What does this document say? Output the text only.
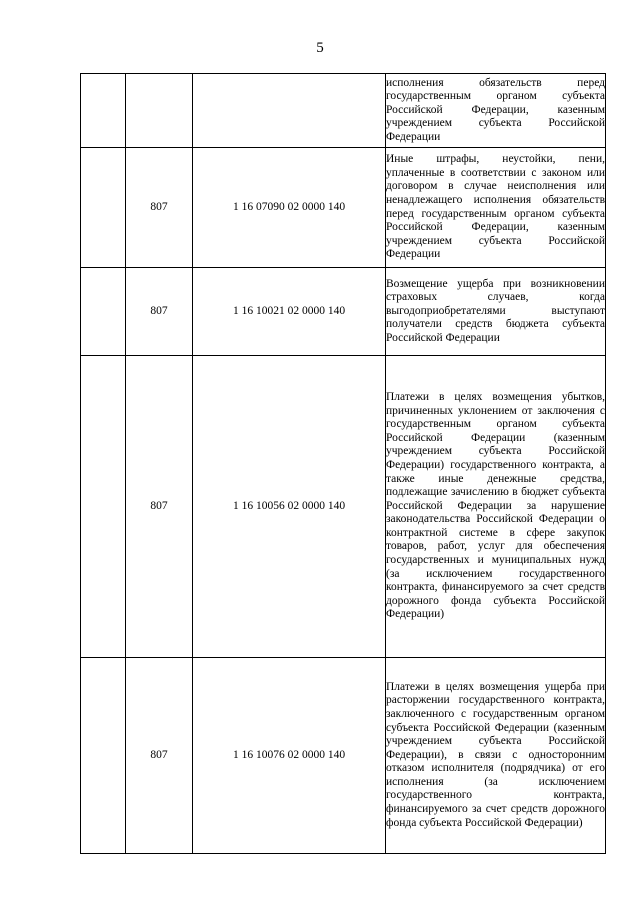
5

			исполнения обязательств перед государственным органом субъекта Российской Федерации, казенным учреждением субъекта Российской Федерации

	807	1 16 07090 02 0000 140	Иные штрафы, неустойки, пени, уплаченные в соответствии с законом или договором в случае неисполнения или ненадлежащего исполнения обязательств перед государственным органом субъекта Российской Федерации, казенным учреждением субъекта Российской Федерации

	807	1 16 10021 02 0000 140	Возмещение ущерба при возникновении страховых случаев, когда выгодоприобретателями выступают получатели средств бюджета субъекта Российской Федерации

	807	1 16 10056 02 0000 140	Платежи в целях возмещения убытков, причиненных уклонением от заключения с государственным органом субъекта Российской Федерации (казенным учреждением субъекта Российской Федерации) государственного контракта, а также иные денежные средства, подлежащие зачислению в бюджет субъекта Российской Федерации за нарушение законодательства Российской Федерации о контрактной системе в сфере закупок товаров, работ, услуг для обеспечения государственных и муниципальных нужд (за исключением государственного контракта, финансируемого за счет средств дорожного фонда субъекта Российской Федерации)

	807	1 16 10076 02 0000 140	Платежи в целях возмещения ущерба при расторжении государственного контракта, заключенного с государственным органом субъекта Российской Федерации (казенным учреждением субъекта Российской Федерации), в связи с односторонним отказом исполнителя (подрядчика) от его исполнения (за исключением государственного контракта, финансируемого за счет средств дорожного фонда субъекта Российской Федерации)
